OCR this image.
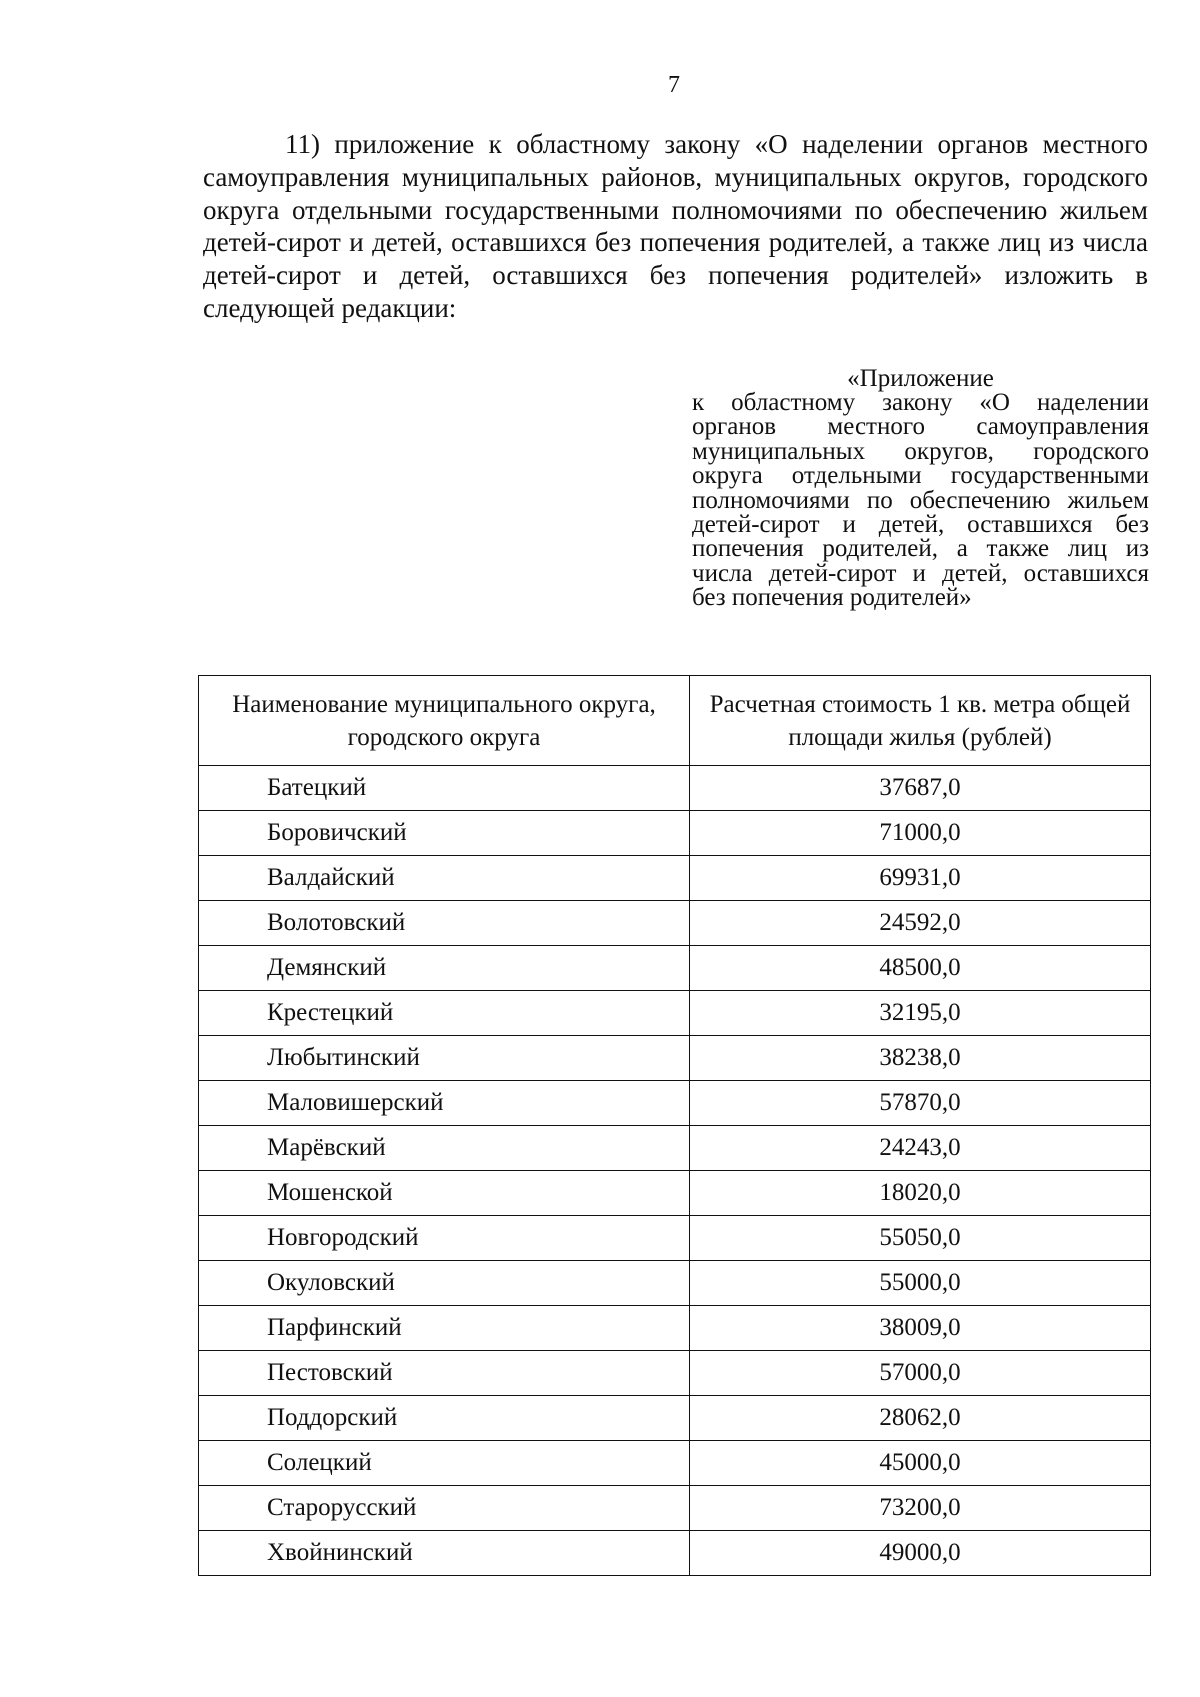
7

11) приложение к областному закону «О наделении органов местного самоуправления муниципальных районов, муниципальных округов, городского округа отдельными государственными полномочиями по обеспечению жильем детей-сирот и детей, оставшихся без попечения родителей, а также лиц из числа детей-сирот и детей, оставшихся без попечения родителей» изложить в следующей редакции:

«Приложение

к областному закону «О наделении органов местного самоуправления муниципальных округов, городского округа отдельными государственными полномочиями по обеспечению жильем детей-сирот и детей, оставшихся без попечения родителей, а также лиц из числа детей-сирот и детей, оставшихся без попечения родителей»

Наименование муниципального округа, городского округа	Расчетная стоимость 1 кв. метра общей площади жилья (рублей)
Батецкий	37687,0
Боровичский	71000,0
Валдайский	69931,0
Волотовский	24592,0
Демянский	48500,0
Крестецкий	32195,0
Любытинский	38238,0
Маловишерский	57870,0
Марёвский	24243,0
Мошенской	18020,0
Новгородский	55050,0
Окуловский	55000,0
Парфинский	38009,0
Пестовский	57000,0
Поддорский	28062,0
Солецкий	45000,0
Старорусский	73200,0
Хвойнинский	49000,0
